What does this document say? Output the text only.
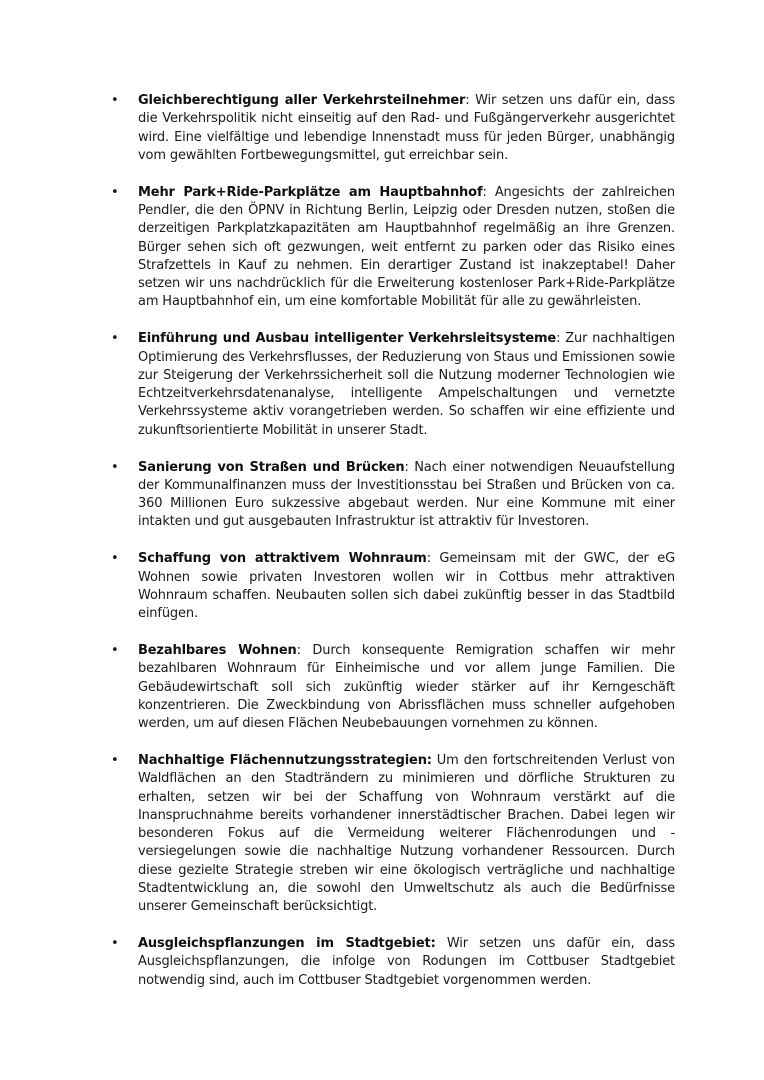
• Gleichberechtigung aller Verkehrsteilnehmer: Wir setzen uns dafür ein, dass die Verkehrspolitik nicht einseitig auf den Rad- und Fußgängerverkehr ausgerichtet wird. Eine vielfältige und lebendige Innenstadt muss für jeden Bürger, unabhängig vom gewählten Fortbewegungsmittel, gut erreichbar sein.
• Mehr Park+Ride-Parkplätze am Hauptbahnhof: Angesichts der zahlreichen Pendler, die den ÖPNV in Richtung Berlin, Leipzig oder Dresden nutzen, stoßen die derzeitigen Parkplatzkapazitäten am Hauptbahnhof regelmäßig an ihre Grenzen. Bürger sehen sich oft gezwungen, weit entfernt zu parken oder das Risiko eines Strafzettels in Kauf zu nehmen. Ein derartiger Zustand ist inakzeptabel! Daher setzen wir uns nachdrücklich für die Erweiterung kostenloser Park+Ride-Parkplätze am Hauptbahnhof ein, um eine komfortable Mobilität für alle zu gewährleisten.
• Einführung und Ausbau intelligenter Verkehrsleitsysteme: Zur nachhaltigen Optimierung des Verkehrsflusses, der Reduzierung von Staus und Emissionen sowie zur Steigerung der Verkehrssicherheit soll die Nutzung moderner Technologien wie Echtzeitverkehrsdatenanalyse, intelligente Ampelschaltungen und vernetzte Verkehrssysteme aktiv vorangetrieben werden. So schaffen wir eine effiziente und zukunftsorientierte Mobilität in unserer Stadt.
• Sanierung von Straßen und Brücken: Nach einer notwendigen Neuaufstellung der Kommunalfinanzen muss der Investitionsstau bei Straßen und Brücken von ca. 360 Millionen Euro sukzessive abgebaut werden. Nur eine Kommune mit einer intakten und gut ausgebauten Infrastruktur ist attraktiv für Investoren.
• Schaffung von attraktivem Wohnraum: Gemeinsam mit der GWC, der eG Wohnen sowie privaten Investoren wollen wir in Cottbus mehr attraktiven Wohnraum schaffen. Neubauten sollen sich dabei zukünftig besser in das Stadtbild einfügen.
• Bezahlbares Wohnen: Durch konsequente Remigration schaffen wir mehr bezahlbaren Wohnraum für Einheimische und vor allem junge Familien. Die Gebäudewirtschaft soll sich zukünftig wieder stärker auf ihr Kerngeschäft konzentrieren. Die Zweckbindung von Abrissflächen muss schneller aufgehoben werden, um auf diesen Flächen Neubebauungen vornehmen zu können.
• Nachhaltige Flächennutzungsstrategien: Um den fortschreitenden Verlust von Waldflächen an den Stadträndern zu minimieren und dörfliche Strukturen zu erhalten, setzen wir bei der Schaffung von Wohnraum verstärkt auf die Inanspruchnahme bereits vorhandener innerstädtischer Brachen. Dabei legen wir besonderen Fokus auf die Vermeidung weiterer Flächenrodungen und -versiegelungen sowie die nachhaltige Nutzung vorhandener Ressourcen. Durch diese gezielte Strategie streben wir eine ökologisch verträgliche und nachhaltige Stadtentwicklung an, die sowohl den Umweltschutz als auch die Bedürfnisse unserer Gemeinschaft berücksichtigt.
• Ausgleichspflanzungen im Stadtgebiet: Wir setzen uns dafür ein, dass Ausgleichspflanzungen, die infolge von Rodungen im Cottbuser Stadtgebiet notwendig sind, auch im Cottbuser Stadtgebiet vorgenommen werden.
